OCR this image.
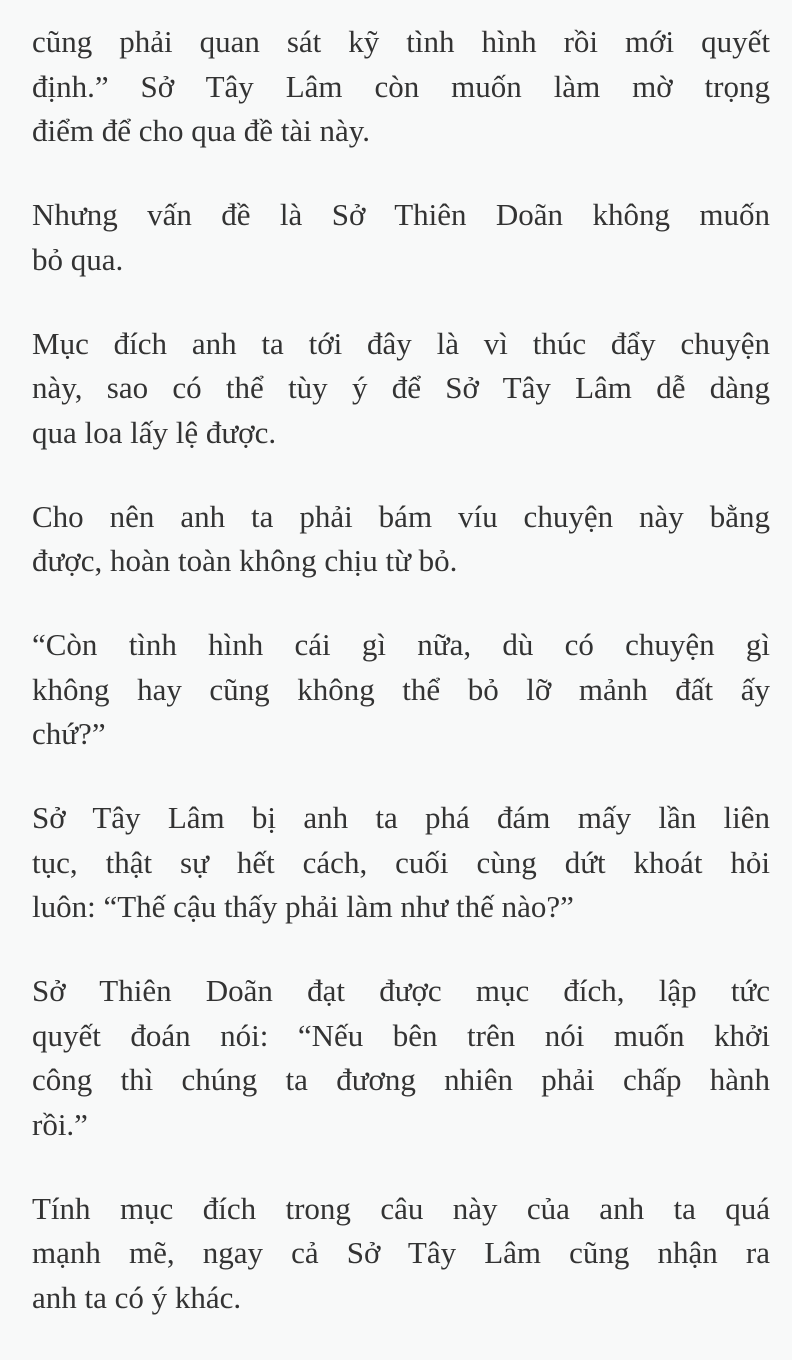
cũng phải quan sát kỹ tình hình rồi mới quyết
định.” Sở Tây Lâm còn muốn làm mờ trọng
điểm để cho qua đề tài này.
Nhưng vấn đề là Sở Thiên Doãn không muốn
bỏ qua.
Mục đích anh ta tới đây là vì thúc đẩy chuyện
này, sao có thể tùy ý để Sở Tây Lâm dễ dàng
qua loa lấy lệ được.
Cho nên anh ta phải bám víu chuyện này bằng
được, hoàn toàn không chịu từ bỏ.
“Còn tình hình cái gì nữa, dù có chuyện gì
không hay cũng không thể bỏ lỡ mảnh đất ấy
chứ?”
Sở Tây Lâm bị anh ta phá đám mấy lần liên
tục, thật sự hết cách, cuối cùng dứt khoát hỏi
luôn: “Thế cậu thấy phải làm như thế nào?”
Sở Thiên Doãn đạt được mục đích, lập tức
quyết đoán nói: “Nếu bên trên nói muốn khởi
công thì chúng ta đương nhiên phải chấp hành
rồi.”
Tính mục đích trong câu này của anh ta quá
mạnh mẽ, ngay cả Sở Tây Lâm cũng nhận ra
anh ta có ý khác.
